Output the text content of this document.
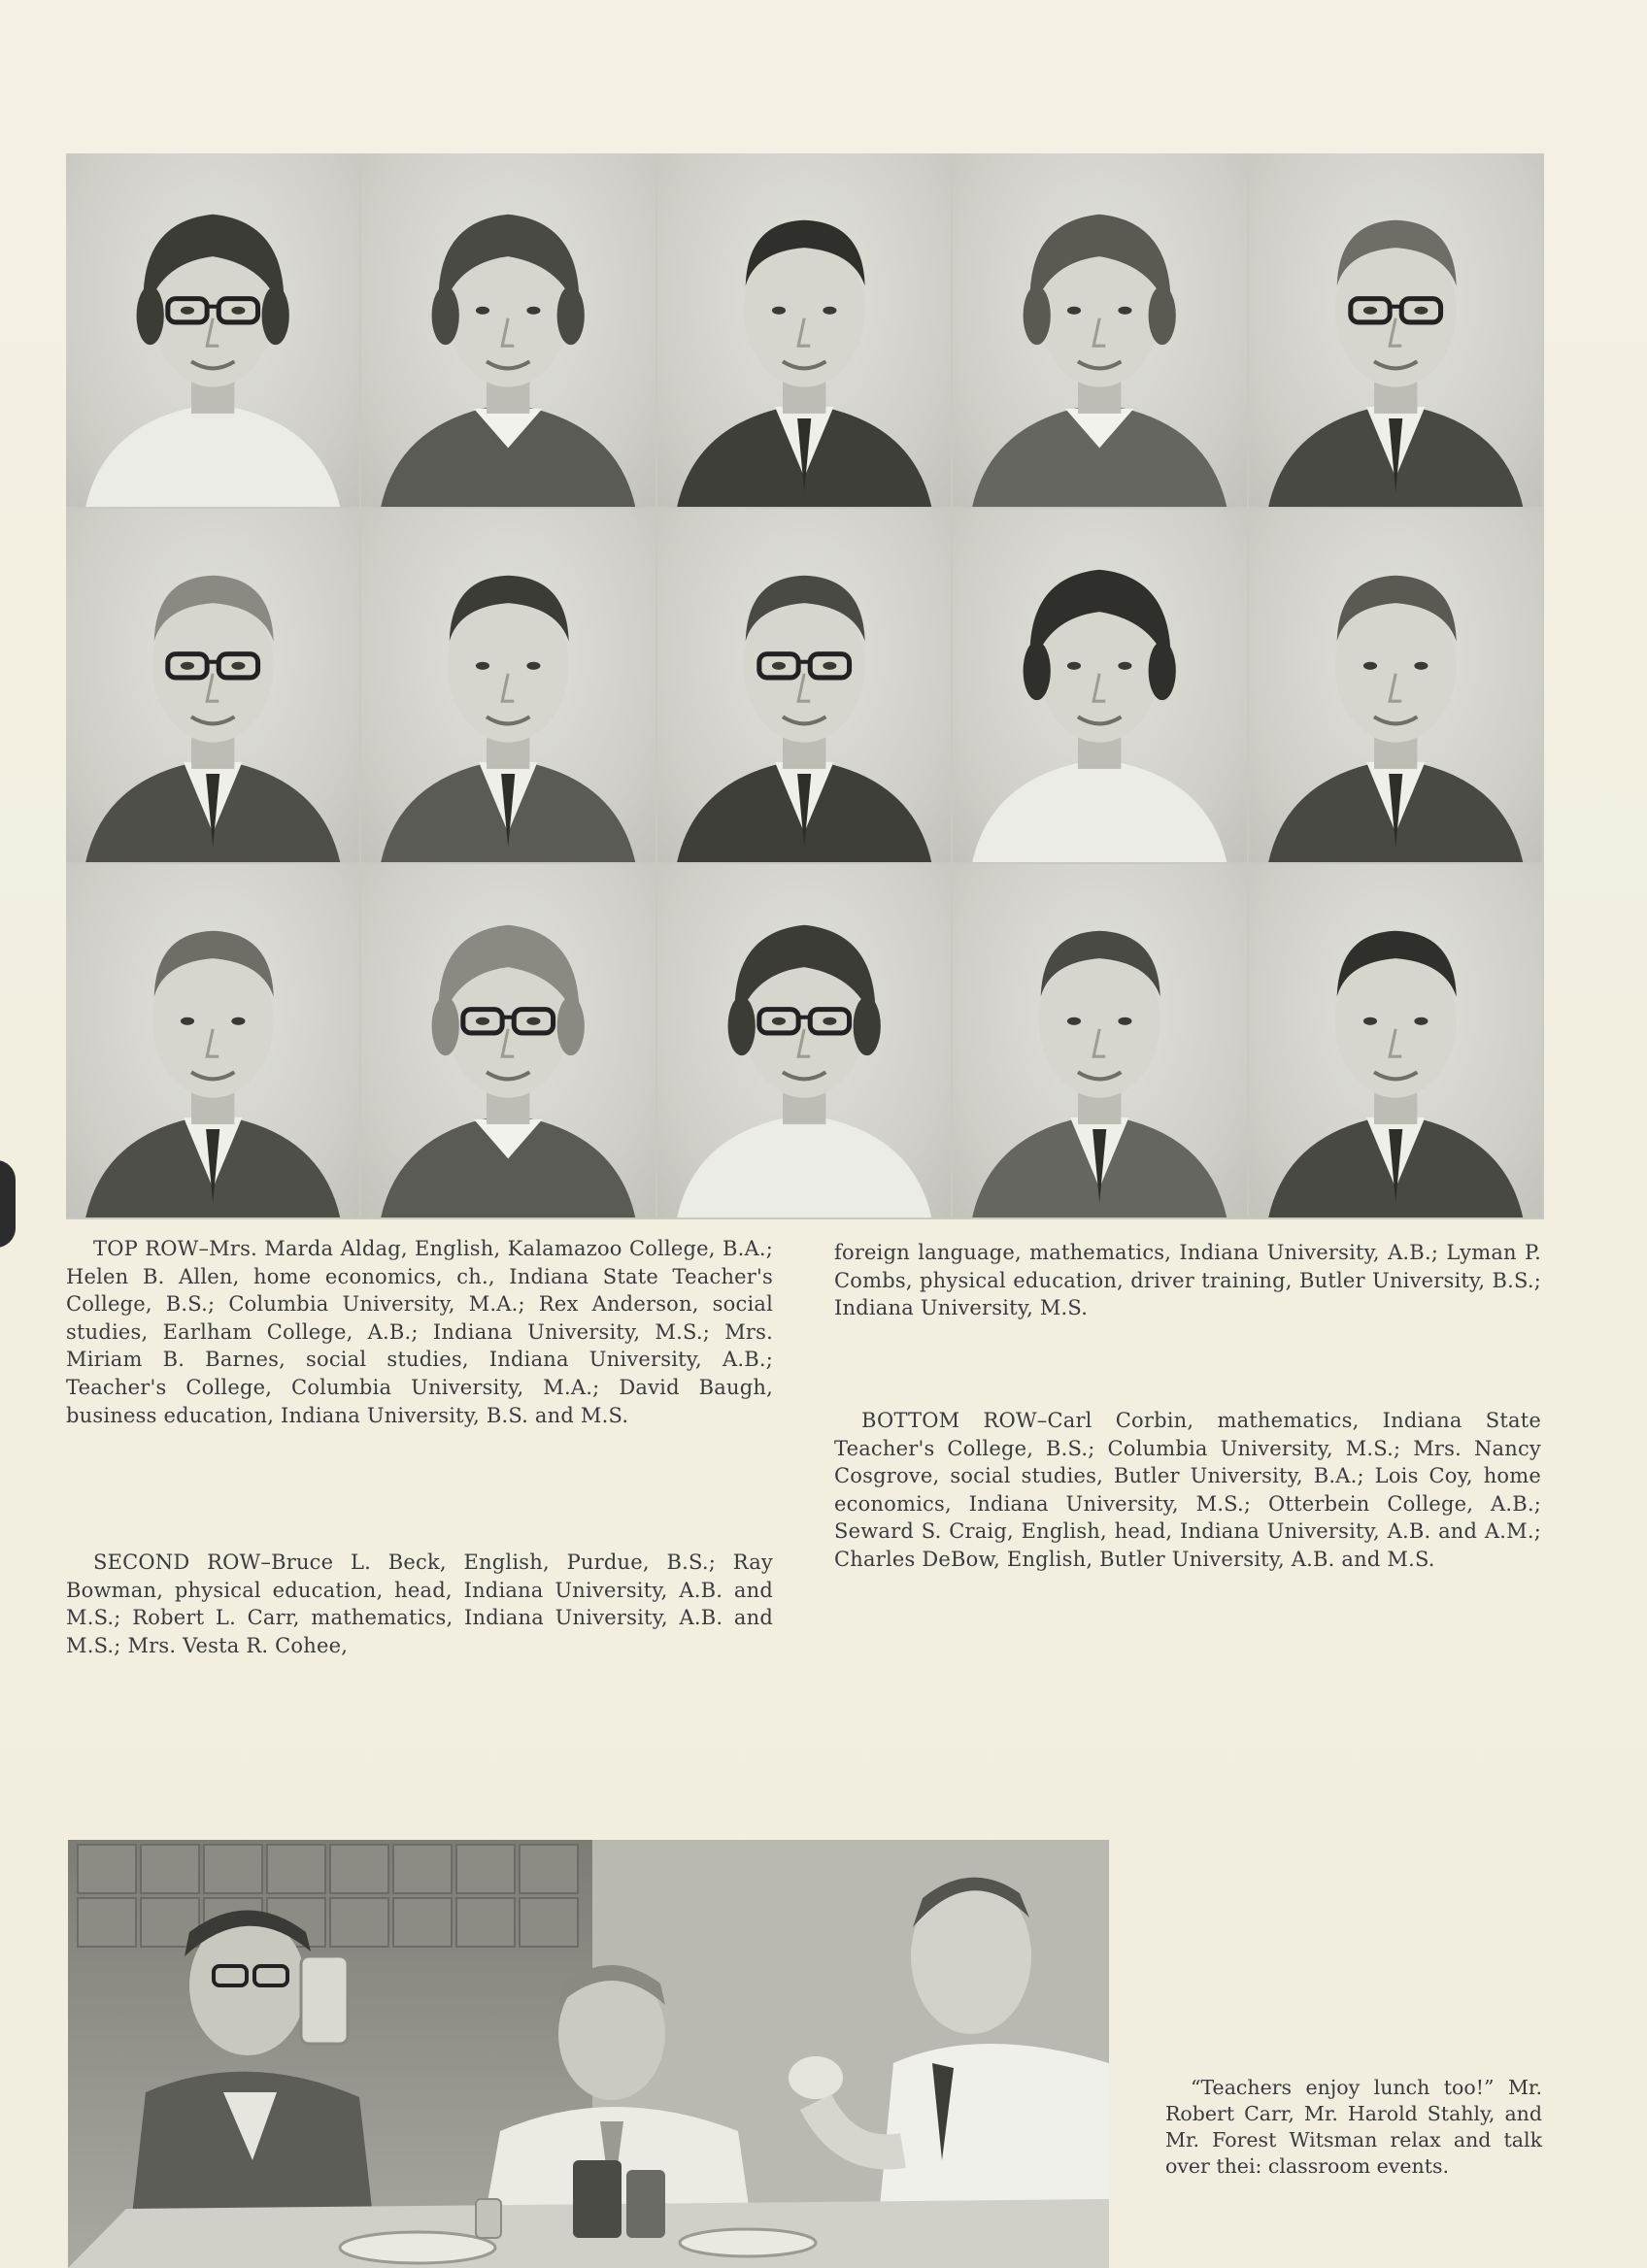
TOP ROW–Mrs. Marda Aldag, English, Kalamazoo College, B.A.; Helen B. Allen, home economics, ch., Indiana State Teacher's College, B.S.; Columbia University, M.A.; Rex Anderson, social studies, Earlham College, A.B.; Indiana University, M.S.; Mrs. Miriam B. Barnes, social studies, Indiana University, A.B.; Teacher's College, Columbia University, M.A.; David Baugh, business education, Indiana University, B.S. and M.S.

SECOND ROW–Bruce L. Beck, English, Purdue, B.S.; Ray Bowman, physical education, head, Indiana University, A.B. and M.S.; Robert L. Carr, mathematics, Indiana University, A.B. and M.S.; Mrs. Vesta R. Cohee,

foreign language, mathematics, Indiana University, A.B.; Lyman P. Combs, physical education, driver training, Butler University, B.S.; Indiana University, M.S.

BOTTOM ROW–Carl Corbin, mathematics, Indiana State Teacher's College, B.S.; Columbia University, M.S.; Mrs. Nancy Cosgrove, social studies, Butler University, B.A.; Lois Coy, home economics, Indiana University, M.S.; Otterbein College, A.B.; Seward S. Craig, English, head, Indiana University, A.B. and A.M.; Charles DeBow, English, Butler University, A.B. and M.S.

“Teachers enjoy lunch too!” Mr. Robert Carr, Mr. Harold Stahly, and Mr. Forest Witsman relax and talk over thei: classroom events.
